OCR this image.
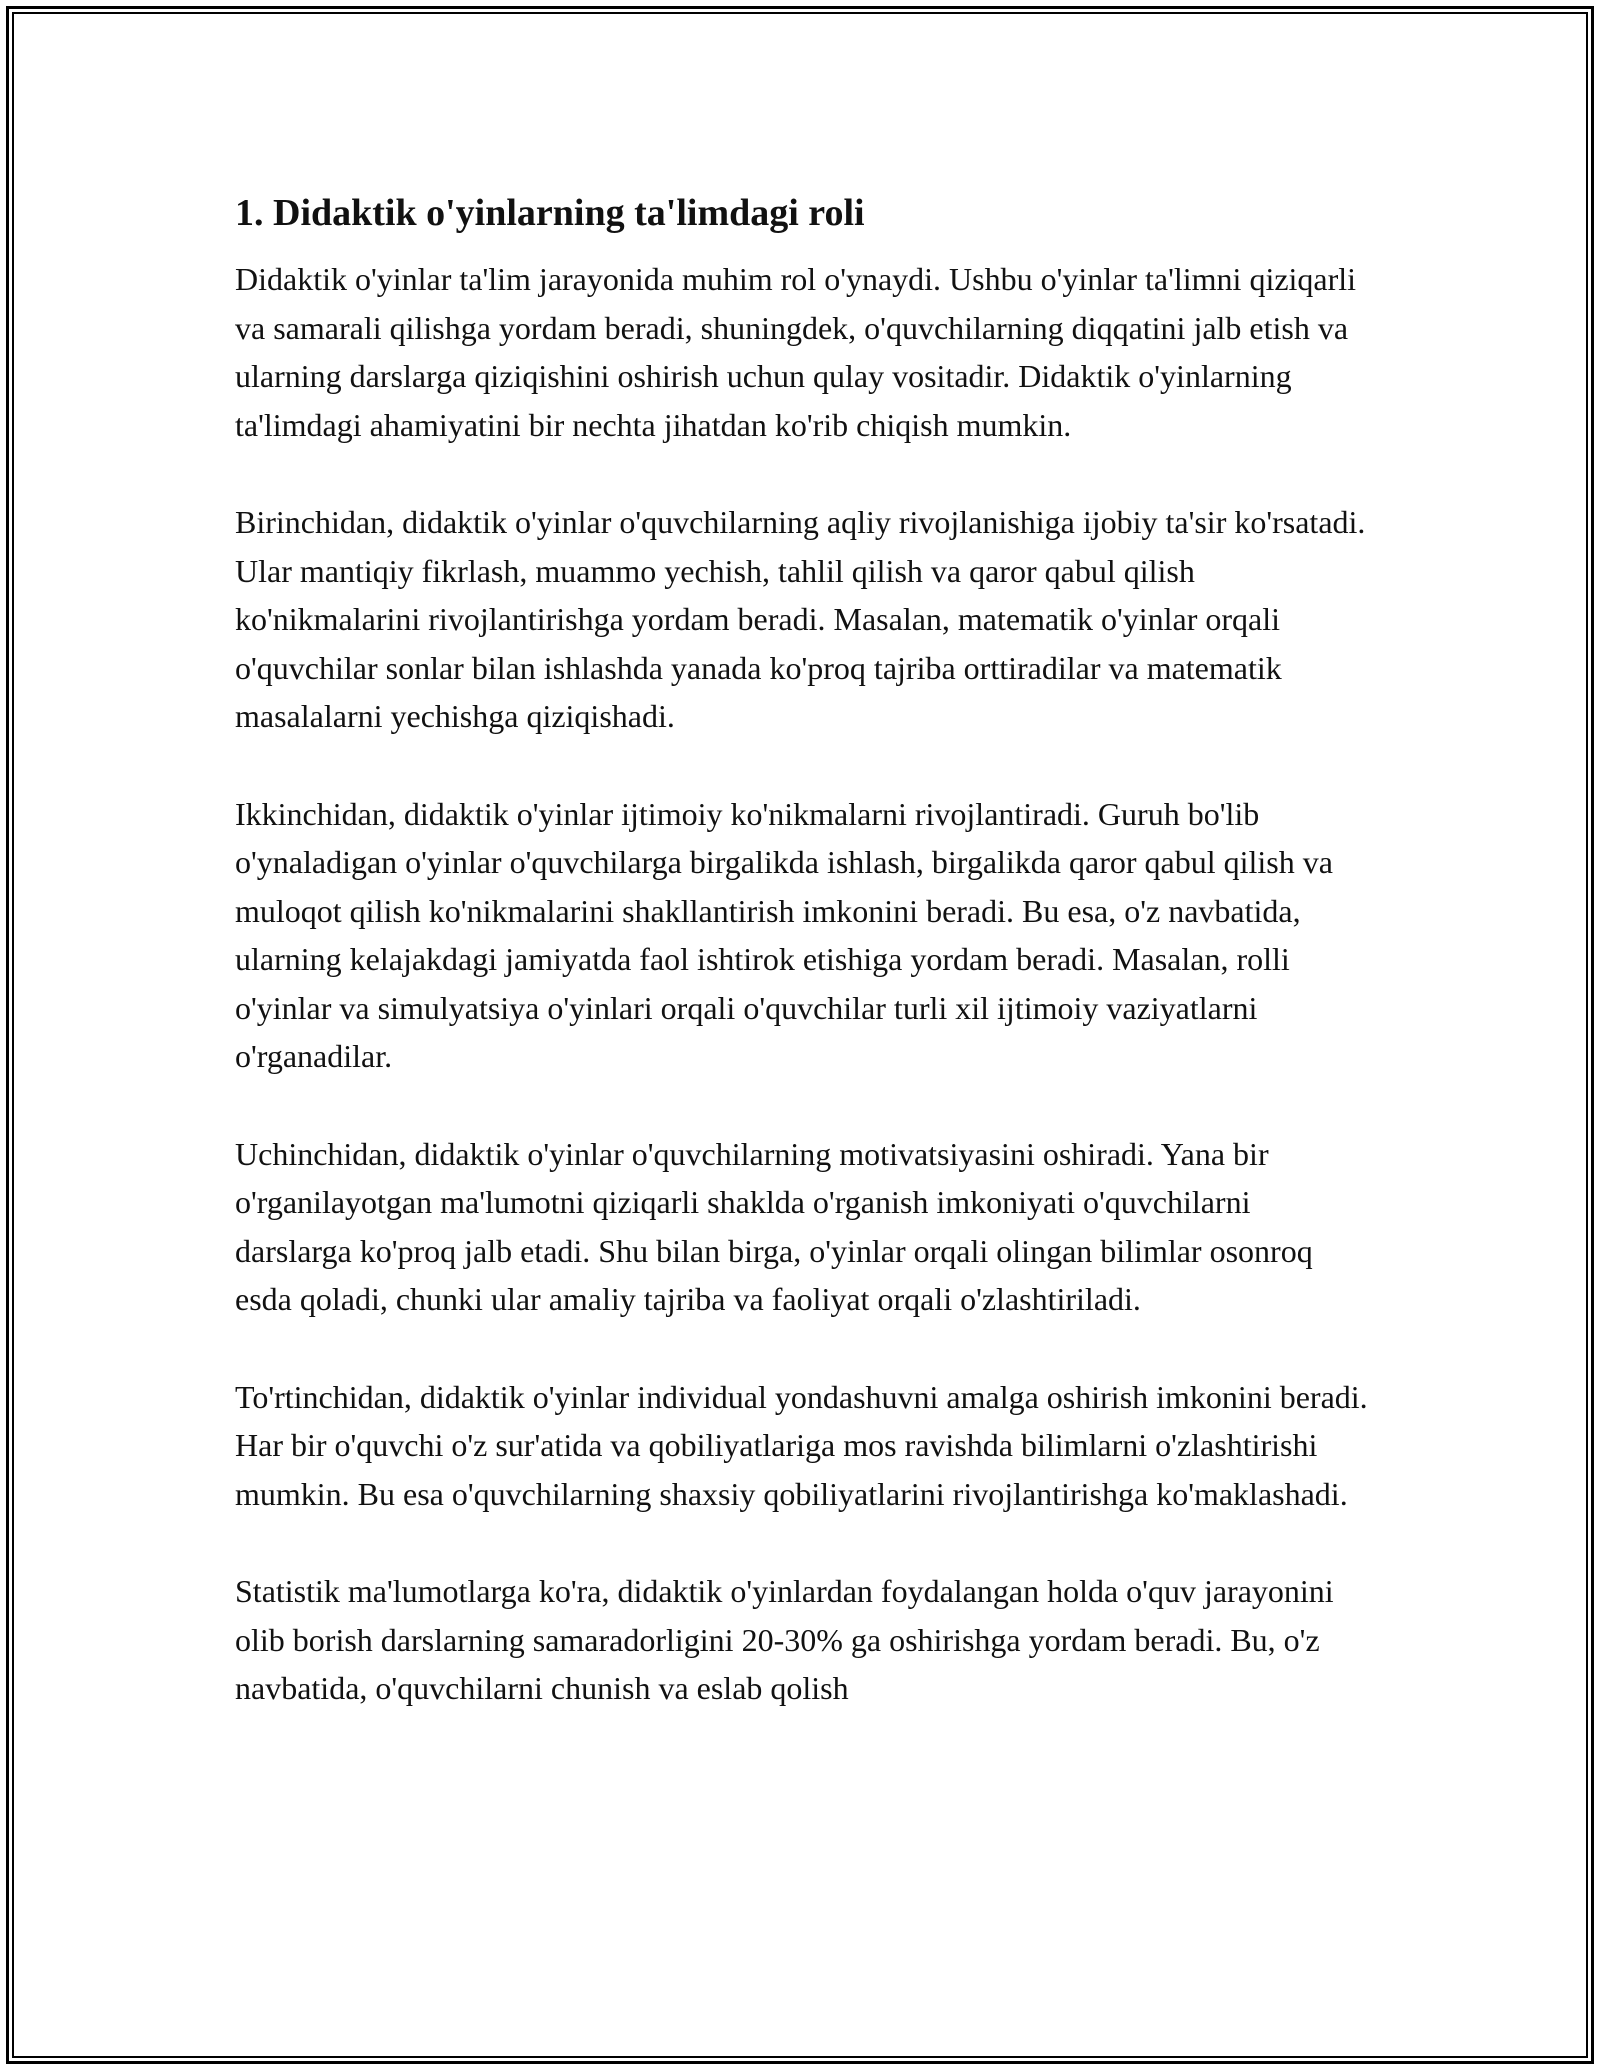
1. Didaktik o'yinlarning ta'limdagi roli

Didaktik o'yinlar ta'lim jarayonida muhim rol o'ynaydi. Ushbu o'yinlar ta'limni qiziqarli va samarali qilishga yordam beradi, shuningdek, o'quvchilarning diqqatini jalb etish va ularning darslarga qiziqishini oshirish uchun qulay vositadir. Didaktik o'yinlarning ta'limdagi ahamiyatini bir nechta jihatdan ko'rib chiqish mumkin.

Birinchidan, didaktik o'yinlar o'quvchilarning aqliy rivojlanishiga ijobiy ta'sir ko'rsatadi. Ular mantiqiy fikrlash, muammo yechish, tahlil qilish va qaror qabul qilish ko'nikmalarini rivojlantirishga yordam beradi. Masalan, matematik o'yinlar orqali o'quvchilar sonlar bilan ishlashda yanada ko'proq tajriba orttiradilar va matematik masalalarni yechishga qiziqishadi.

Ikkinchidan, didaktik o'yinlar ijtimoiy ko'nikmalarni rivojlantiradi. Guruh bo'lib o'ynaladigan o'yinlar o'quvchilarga birgalikda ishlash, birgalikda qaror qabul qilish va muloqot qilish ko'nikmalarini shakllantirish imkonini beradi. Bu esa, o'z navbatida, ularning kelajakdagi jamiyatda faol ishtirok etishiga yordam beradi. Masalan, rolli o'yinlar va simulyatsiya o'yinlari orqali o'quvchilar turli xil ijtimoiy vaziyatlarni o'rganadilar.

Uchinchidan, didaktik o'yinlar o'quvchilarning motivatsiyasini oshiradi. Yana bir o'rganilayotgan ma'lumotni qiziqarli shaklda o'rganish imkoniyati o'quvchilarni darslarga ko'proq jalb etadi. Shu bilan birga, o'yinlar orqali olingan bilimlar osonroq esda qoladi, chunki ular amaliy tajriba va faoliyat orqali o'zlashtiriladi.

To'rtinchidan, didaktik o'yinlar individual yondashuvni amalga oshirish imkonini beradi. Har bir o'quvchi o'z sur'atida va qobiliyatlariga mos ravishda bilimlarni o'zlashtirishi mumkin. Bu esa o'quvchilarning shaxsiy qobiliyatlarini rivojlantirishga ko'maklashadi.

Statistik ma'lumotlarga ko'ra, didaktik o'yinlardan foydalangan holda o'quv jarayonini olib borish darslarning samaradorligini 20-30% ga oshirishga yordam beradi. Bu, o'z navbatida, o'quvchilarni chunish va eslab qolish
